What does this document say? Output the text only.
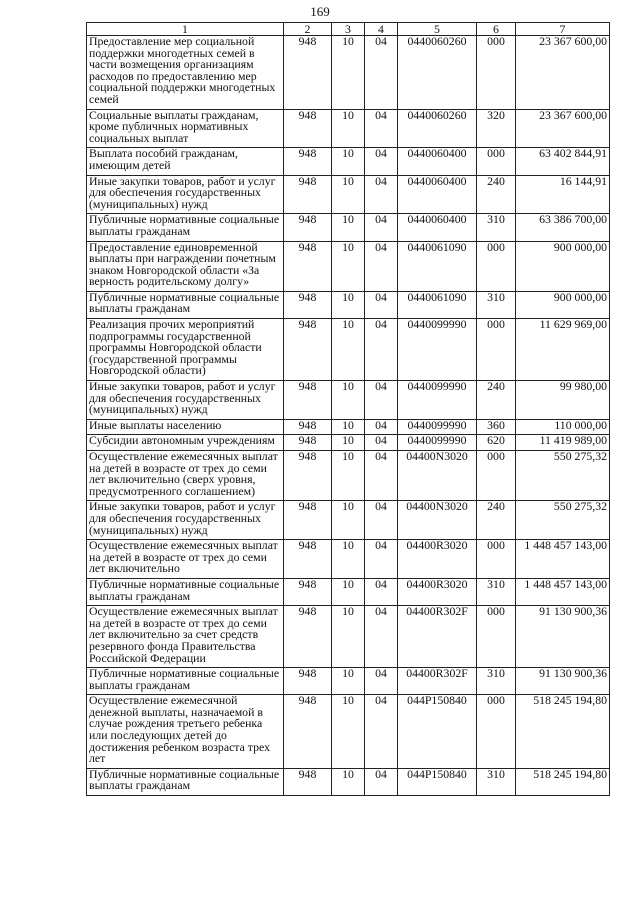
169
1	2	3	4	5	6	7
Предоставление мер социальной поддержки многодетных семей в части возмещения организациям расходов по предоставлению мер социальной поддержки многодетных семей	948	10	04	0440060260	000	23 367 600,00
Социальные выплаты гражданам, кроме публичных нормативных социальных выплат	948	10	04	0440060260	320	23 367 600,00
Выплата пособий гражданам, имеющим детей	948	10	04	0440060400	000	63 402 844,91
Иные закупки товаров, работ и услуг для обеспечения государственных (муниципальных) нужд	948	10	04	0440060400	240	16 144,91
Публичные нормативные социальные выплаты гражданам	948	10	04	0440060400	310	63 386 700,00
Предоставление единовременной выплаты при награждении почетным знаком Новгородской области «За верность родительскому долгу»	948	10	04	0440061090	000	900 000,00
Публичные нормативные социальные выплаты гражданам	948	10	04	0440061090	310	900 000,00
Реализация прочих мероприятий подпрограммы государственной программы Новгородской области (государственной программы Новгородской области)	948	10	04	0440099990	000	11 629 969,00
Иные закупки товаров, работ и услуг для обеспечения государственных (муниципальных) нужд	948	10	04	0440099990	240	99 980,00
Иные выплаты населению	948	10	04	0440099990	360	110 000,00
Субсидии автономным учреждениям	948	10	04	0440099990	620	11 419 989,00
Осуществление ежемесячных выплат на детей в возрасте от трех до семи лет включительно (сверх уровня, предусмотренного соглашением)	948	10	04	04400N3020	000	550 275,32
Иные закупки товаров, работ и услуг для обеспечения государственных (муниципальных) нужд	948	10	04	04400N3020	240	550 275,32
Осуществление ежемесячных выплат на детей в возрасте от трех до семи лет включительно	948	10	04	04400R3020	000	1 448 457 143,00
Публичные нормативные социальные выплаты гражданам	948	10	04	04400R3020	310	1 448 457 143,00
Осуществление ежемесячных выплат на детей в возрасте от трех до семи лет включительно за счет средств резервного фонда Правительства Российской Федерации	948	10	04	04400R302F	000	91 130 900,36
Публичные нормативные социальные выплаты гражданам	948	10	04	04400R302F	310	91 130 900,36
Осуществление ежемесячной денежной выплаты, назначаемой в случае рождения третьего ребенка или последующих детей до достижения ребенком возраста трех лет	948	10	04	044P150840	000	518 245 194,80
Публичные нормативные социальные выплаты гражданам	948	10	04	044P150840	310	518 245 194,80
